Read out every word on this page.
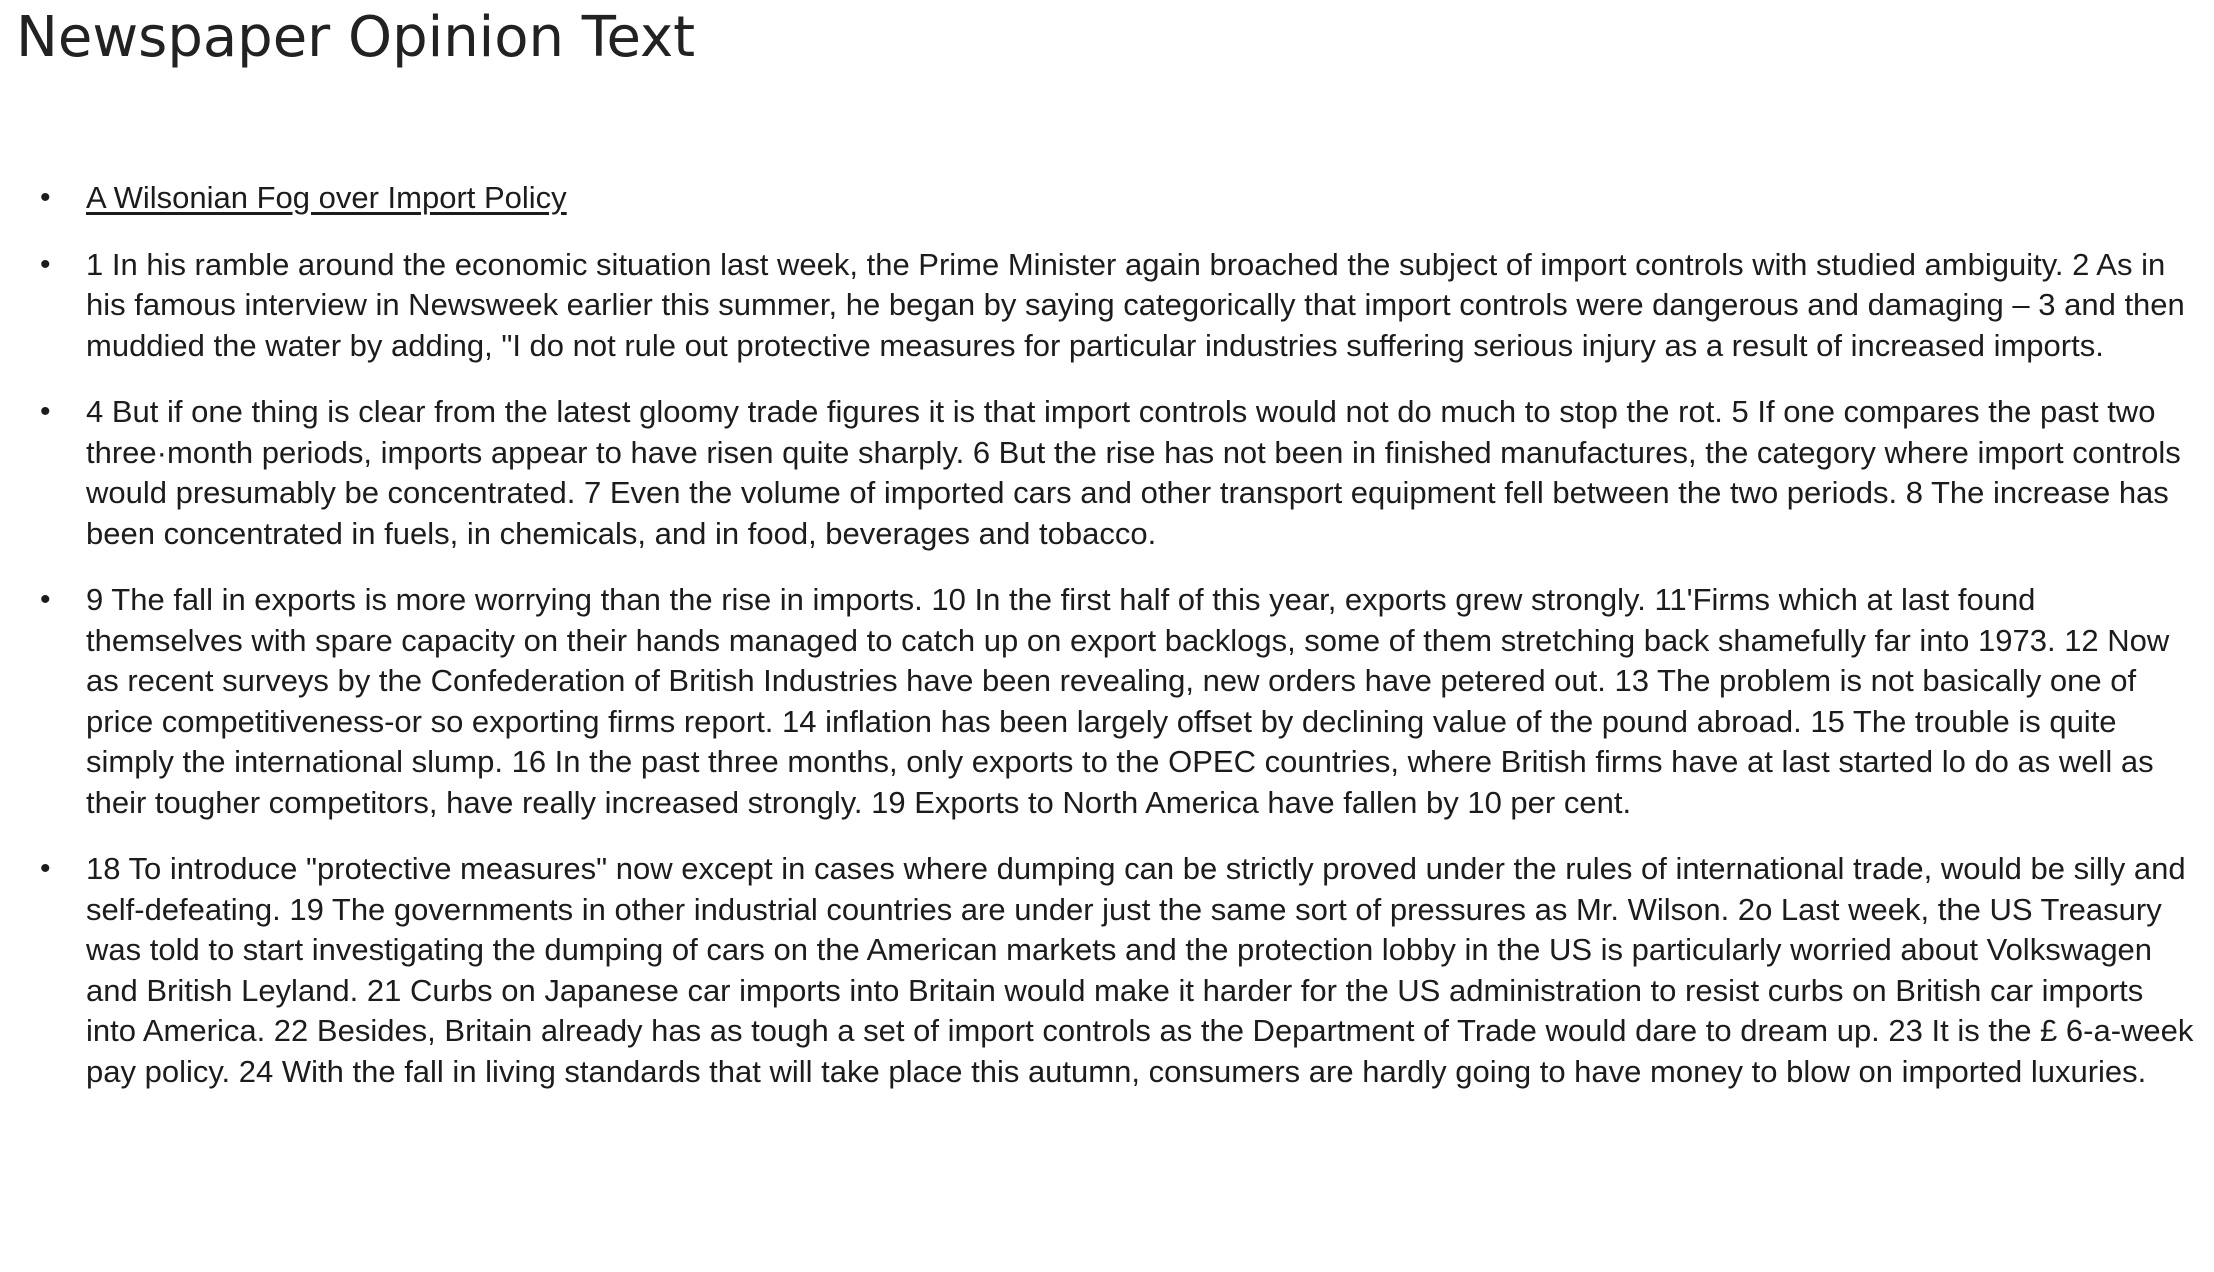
Newspaper Opinion Text
• A Wilsonian Fog over Import Policy
• 1 In his ramble around the economic situation last week, the Prime Minister again broached the subject of import controls with studied ambiguity. 2 As in his famous interview in Newsweek earlier this summer, he began by saying categorically that import controls were dangerous and damaging – 3 and then muddied the water by adding, "I do not rule out protective measures for particular industries suffering serious injury as a result of increased imports.
• 4 But if one thing is clear from the latest gloomy trade figures it is that import controls would not do much to stop the rot. 5 If one compares the past two three·month periods, imports appear to have risen quite sharply. 6 But the rise has not been in finished manufactures, the category where import controls would presumably be concentrated. 7 Even the volume of imported cars and other transport equipment fell between the two periods. 8 The increase has been concentrated in fuels, in chemicals, and in food, beverages and tobacco.
• 9 The fall in exports is more worrying than the rise in imports. 10 In the first half of this year, exports grew strongly. 11'Firms which at last found themselves with spare capacity on their hands managed to catch up on export backlogs, some of them stretching back shamefully far into 1973. 12 Now as recent surveys by the Confederation of British Industries have been revealing, new orders have petered out. 13 The problem is not basically one of price competitiveness-or so exporting firms report. 14 inflation has been largely offset by declining value of the pound abroad. 15 The trouble is quite simply the international slump. 16 In the past three months, only exports to the OPEC countries, where British firms have at last started lo do as well as their tougher competitors, have really increased strongly. 19 Exports to North America have fallen by 10 per cent.
• 18 To introduce "protective measures" now except in cases where dumping can be strictly proved under the rules of international trade, would be silly and self-defeating. 19 The governments in other industrial countries are under just the same sort of pressures as Mr. Wilson. 2o Last week, the US Treasury was told to start investigating the dumping of cars on the American markets and the protection lobby in the US is particularly worried about Volkswagen and British Leyland. 21 Curbs on Japanese car imports into Britain would make it harder for the US administration to resist curbs on British car imports into America. 22 Besides, Britain already has as tough a set of import controls as the Department of Trade would dare to dream up. 23 It is the £ 6-a-week pay policy. 24 With the fall in living standards that will take place this autumn, consumers are hardly going to have money to blow on imported luxuries.
